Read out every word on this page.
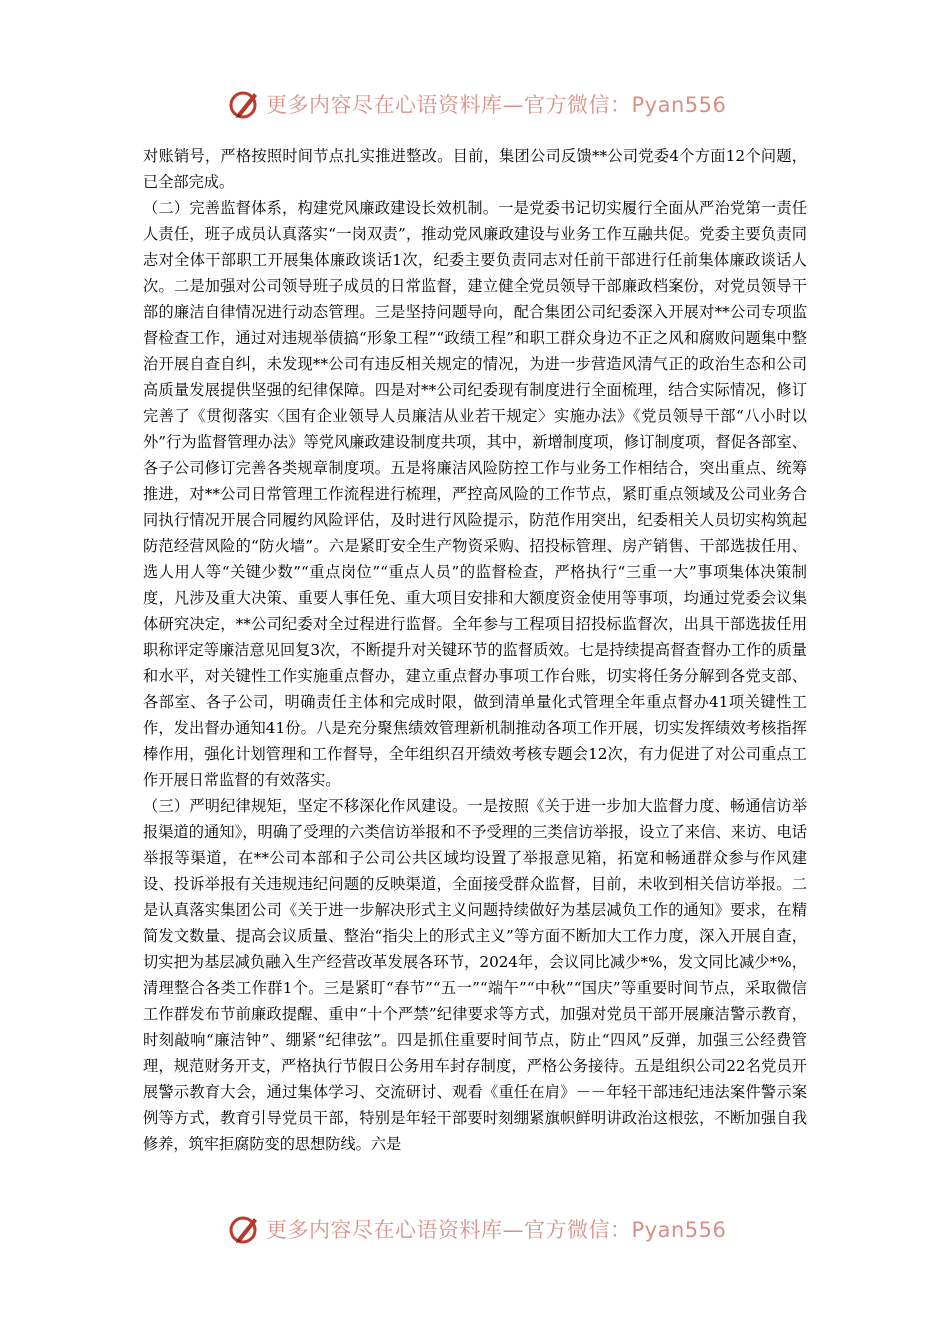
更多内容尽在心语资料库—官方微信：Pyan556

对账销号，严格按照时间节点扎实推进整改。目前，集团公司反馈**公司党委4个方面12个问题，已全部完成。

（二）完善监督体系，构建党风廉政建设长效机制。一是党委书记切实履行全面从严治党第一责任人责任，班子成员认真落实“一岗双责”，推动党风廉政建设与业务工作互融共促。党委主要负责同志对全体干部职工开展集体廉政谈话1次，纪委主要负责同志对任前干部进行任前集体廉政谈话人次。二是加强对公司领导班子成员的日常监督，建立健全党员领导干部廉政档案份，对党员领导干部的廉洁自律情况进行动态管理。三是坚持问题导向，配合集团公司纪委深入开展对**公司专项监督检查工作，通过对违规举债搞“形象工程”“政绩工程”和职工群众身边不正之风和腐败问题集中整治开展自查自纠，未发现**公司有违反相关规定的情况，为进一步营造风清气正的政治生态和公司高质量发展提供坚强的纪律保障。四是对**公司纪委现有制度进行全面梳理，结合实际情况，修订完善了《贯彻落实〈国有企业领导人员廉洁从业若干规定〉实施办法》《党员领导干部“八小时以外”行为监督管理办法》等党风廉政建设制度共项，其中，新增制度项，修订制度项，督促各部室、各子公司修订完善各类规章制度项。五是将廉洁风险防控工作与业务工作相结合，突出重点、统筹推进，对**公司日常管理工作流程进行梳理，严控高风险的工作节点，紧盯重点领域及公司业务合同执行情况开展合同履约风险评估，及时进行风险提示，防范作用突出，纪委相关人员切实构筑起防范经营风险的“防火墙”。六是紧盯安全生产物资采购、招投标管理、房产销售、干部选拔任用、选人用人等“关键少数”“重点岗位”“重点人员”的监督检查，严格执行“三重一大”事项集体决策制度，凡涉及重大决策、重要人事任免、重大项目安排和大额度资金使用等事项，均通过党委会议集体研究决定，**公司纪委对全过程进行监督。全年参与工程项目招投标监督次，出具干部选拔任用职称评定等廉洁意见回复3次，不断提升对关键环节的监督质效。七是持续提高督查督办工作的质量和水平，对关键性工作实施重点督办，建立重点督办事项工作台账，切实将任务分解到各党支部、各部室、各子公司，明确责任主体和完成时限，做到清单量化式管理全年重点督办41项关键性工作，发出督办通知41份。八是充分聚焦绩效管理新机制推动各项工作开展，切实发挥绩效考核指挥棒作用，强化计划管理和工作督导，全年组织召开绩效考核专题会12次，有力促进了对公司重点工作开展日常监督的有效落实。

（三）严明纪律规矩，坚定不移深化作风建设。一是按照《关于进一步加大监督力度、畅通信访举报渠道的通知》，明确了受理的六类信访举报和不予受理的三类信访举报，设立了来信、来访、电话举报等渠道，在**公司本部和子公司公共区域均设置了举报意见箱，拓宽和畅通群众参与作风建设、投诉举报有关违规违纪问题的反映渠道，全面接受群众监督，目前，未收到相关信访举报。二是认真落实集团公司《关于进一步解决形式主义问题持续做好为基层减负工作的通知》要求，在精简发文数量、提高会议质量、整治“指尖上的形式主义”等方面不断加大工作力度，深入开展自查，切实把为基层减负融入生产经营改革发展各环节，2024年，会议同比减少*%，发文同比减少*%，清理整合各类工作群1个。三是紧盯“春节”“五一”“端午”“中秋”“国庆”等重要时间节点，采取微信工作群发布节前廉政提醒、重申“十个严禁”纪律要求等方式，加强对党员干部开展廉洁警示教育，时刻敲响“廉洁钟”、绷紧“纪律弦”。四是抓住重要时间节点，防止“四风”反弹，加强三公经费管理，规范财务开支，严格执行节假日公务用车封存制度，严格公务接待。五是组织公司22名党员开展警示教育大会，通过集体学习、交流研讨、观看《重任在肩》－－年轻干部违纪违法案件警示案例等方式，教育引导党员干部，特别是年轻干部要时刻绷紧旗帜鲜明讲政治这根弦，不断加强自我修养，筑牢拒腐防变的思想防线。六是

更多内容尽在心语资料库—官方微信：Pyan556
